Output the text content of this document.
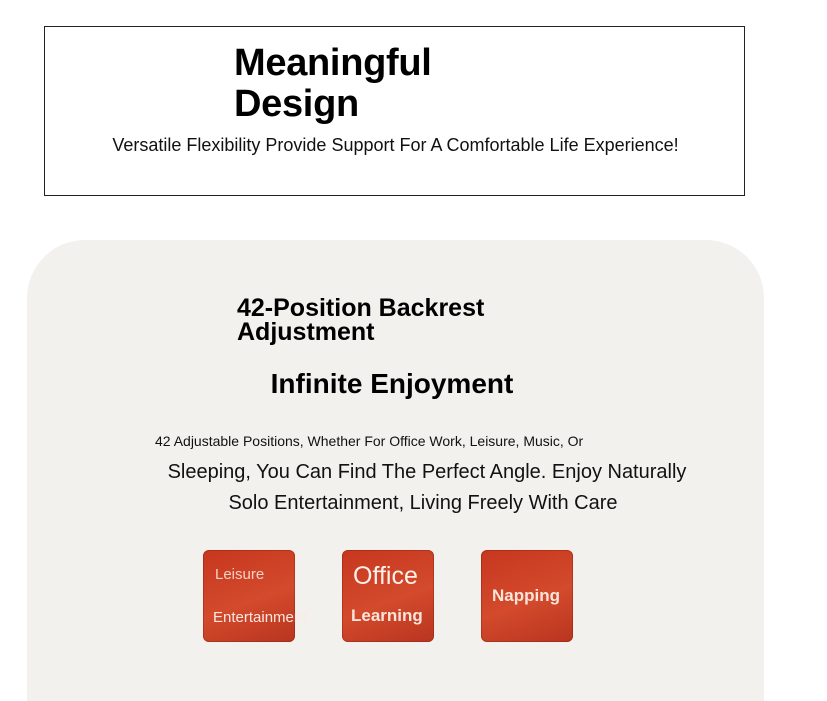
Meaningful
Design
Versatile Flexibility Provide Support For A Comfortable Life Experience!
42-Position Backrest
Adjustment
Infinite Enjoyment
42 Adjustable Positions, Whether For Office Work, Leisure, Music, Or
Sleeping, You Can Find The Perfect Angle. Enjoy Naturally
Solo Entertainment, Living Freely With Care
Leisure
Entertainment
Office
Learning
Napping
